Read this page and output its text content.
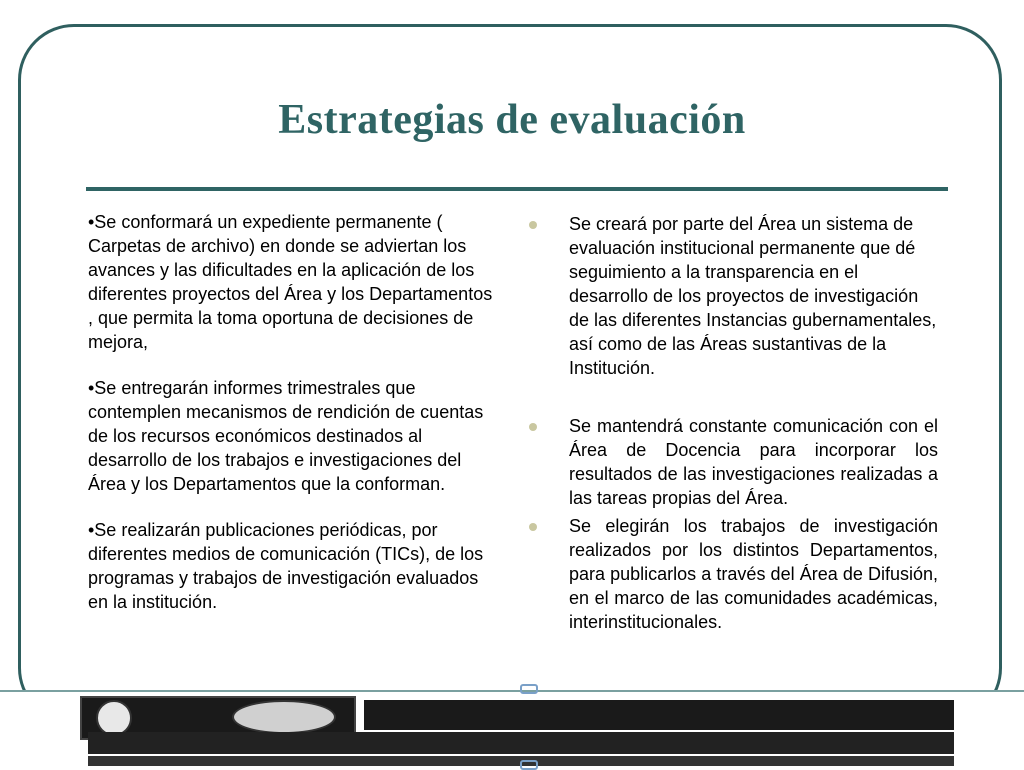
Estrategias de evaluación

•Se conformará un expediente permanente ( Carpetas de archivo) en donde se adviertan los avances y las dificultades en la aplicación de los diferentes proyectos del Área y los Departamentos , que permita la toma oportuna de decisiones de mejora,

•Se entregarán informes trimestrales que contemplen mecanismos de rendición de cuentas de los recursos económicos destinados al desarrollo de los trabajos e investigaciones del Área y los Departamentos que la conforman.

•Se realizarán publicaciones periódicas, por diferentes medios de comunicación (TICs), de los programas y trabajos de investigación evaluados en la institución.

Se creará por parte del Área un sistema de evaluación institucional permanente que dé seguimiento a la transparencia en el desarrollo de los proyectos de investigación de las diferentes Instancias gubernamentales, así como de las Áreas sustantivas de la Institución.
Se mantendrá constante comunicación con el Área de Docencia para incorporar los resultados de las investigaciones realizadas a las tareas propias del Área.
Se elegirán los trabajos de investigación realizados por los distintos Departamentos, para publicarlos a través del Área de Difusión, en el marco de las comunidades académicas, interinstitucionales.
